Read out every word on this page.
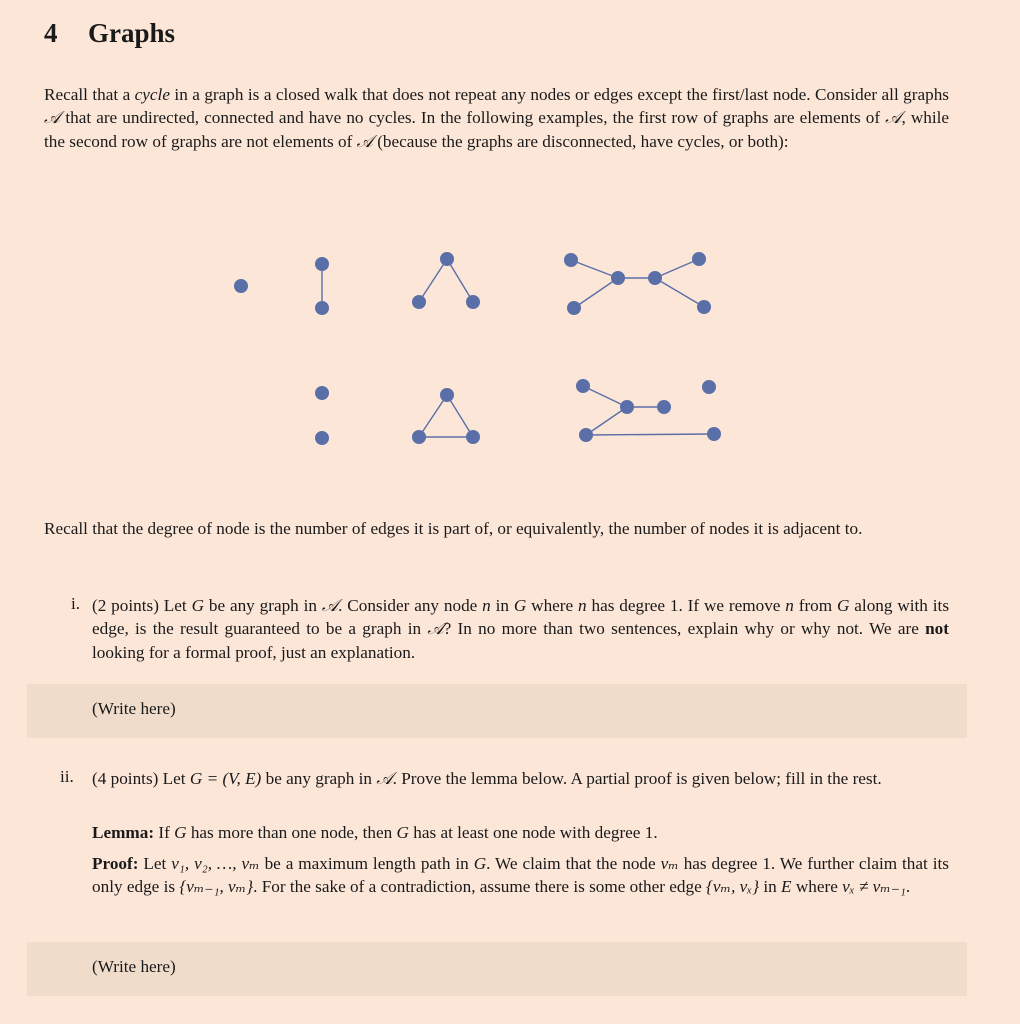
4 Graphs
Recall that a cycle in a graph is a closed walk that does not repeat any nodes or edges except the first/last node. Consider all graphs 𝒜 that are undirected, connected and have no cycles. In the following examples, the first row of graphs are elements of 𝒜, while the second row of graphs are not elements of 𝒜 (because the graphs are disconnected, have cycles, or both):
Recall that the degree of node is the number of edges it is part of, or equivalently, the number of nodes it is adjacent to.
i. (2 points) Let G be any graph in 𝒜. Consider any node n in G where n has degree 1. If we remove n from G along with its edge, is the result guaranteed to be a graph in 𝒜? In no more than two sentences, explain why or why not. We are not looking for a formal proof, just an explanation.
(Write here)
ii. (4 points) Let G = (V, E) be any graph in 𝒜. Prove the lemma below. A partial proof is given below; fill in the rest.
Lemma: If G has more than one node, then G has at least one node with degree 1.
Proof: Let v₁, v₂, …, vₘ be a maximum length path in G. We claim that the node vₘ has degree 1. We further claim that its only edge is {vₘ₋₁, vₘ}. For the sake of a contradiction, assume there is some other edge {vₘ, vₓ} in E where vₓ ≠ vₘ₋₁.
(Write here)
